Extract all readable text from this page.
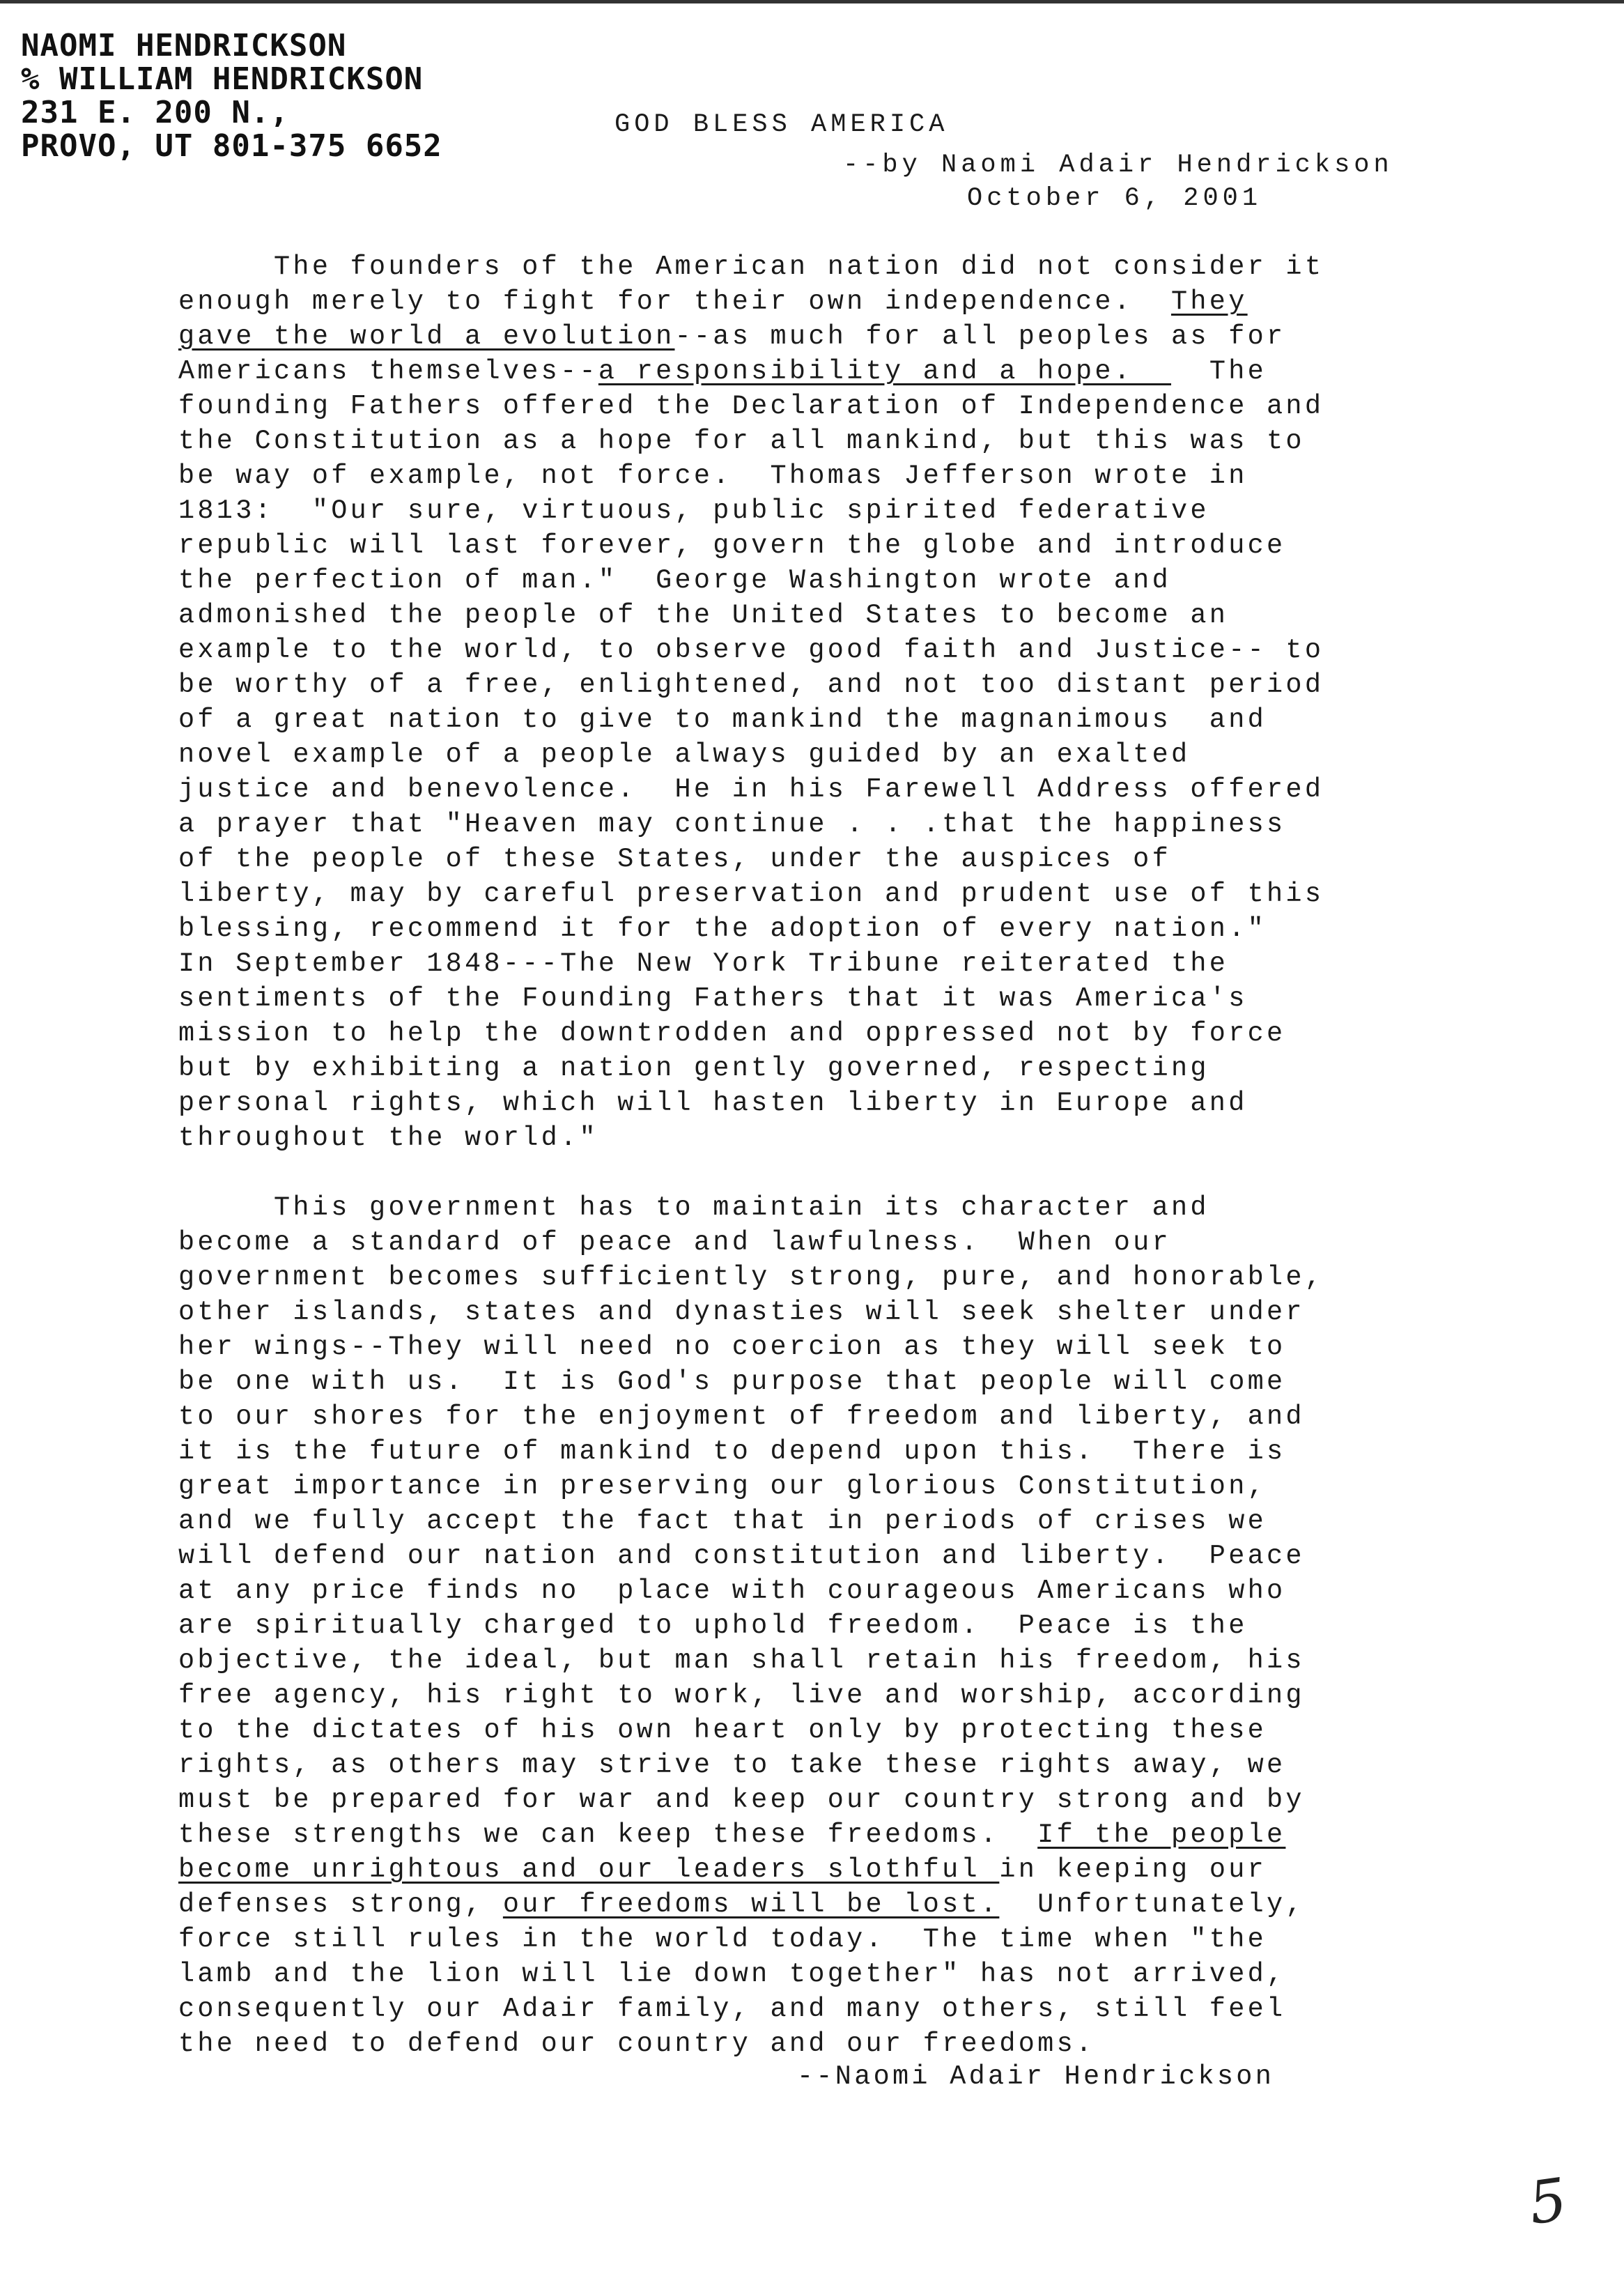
NAOMI HENDRICKSON
% WILLIAM HENDRICKSON
231 E. 200 N.,
PROVO, UT 801-375 6652
GOD BLESS AMERICA
--by Naomi Adair Hendrickson
October 6, 2001
The founders of the American nation did not consider it
enough merely to fight for their own independence.  They
gave the world a evolution--as much for all peoples as for
Americans themselves--a responsibility and a hope.    The
founding Fathers offered the Declaration of Independence and
the Constitution as a hope for all mankind, but this was to
be way of example, not force.  Thomas Jefferson wrote in
1813:  "Our sure, virtuous, public spirited federative
republic will last forever, govern the globe and introduce
the perfection of man."  George Washington wrote and
admonished the people of the United States to become an
example to the world, to observe good faith and Justice-- to
be worthy of a free, enlightened, and not too distant period
of a great nation to give to mankind the magnanimous  and
novel example of a people always guided by an exalted
justice and benevolence.  He in his Farewell Address offered
a prayer that "Heaven may continue . . .that the happiness
of the people of these States, under the auspices of
liberty, may by careful preservation and prudent use of this
blessing, recommend it for the adoption of every nation."
In September 1848---The New York Tribune reiterated the
sentiments of the Founding Fathers that it was America's
mission to help the downtrodden and oppressed not by force
but by exhibiting a nation gently governed, respecting
personal rights, which will hasten liberty in Europe and
throughout the world."
This government has to maintain its character and
become a standard of peace and lawfulness.  When our
government becomes sufficiently strong, pure, and honorable,
other islands, states and dynasties will seek shelter under
her wings--They will need no coercion as they will seek to
be one with us.  It is God's purpose that people will come
to our shores for the enjoyment of freedom and liberty, and
it is the future of mankind to depend upon this.  There is
great importance in preserving our glorious Constitution,
and we fully accept the fact that in periods of crises we
will defend our nation and constitution and liberty.  Peace
at any price finds no  place with courageous Americans who
are spiritually charged to uphold freedom.  Peace is the
objective, the ideal, but man shall retain his freedom, his
free agency, his right to work, live and worship, according
to the dictates of his own heart only by protecting these
rights, as others may strive to take these rights away, we
must be prepared for war and keep our country strong and by
these strengths we can keep these freedoms.  If the people
become unrightous and our leaders slothful in keeping our
defenses strong, our freedoms will be lost.  Unfortunately,
force still rules in the world today.  The time when "the
lamb and the lion will lie down together" has not arrived,
consequently our Adair family, and many others, still feel
the need to defend our country and our freedoms.
--Naomi Adair Hendrickson
5
